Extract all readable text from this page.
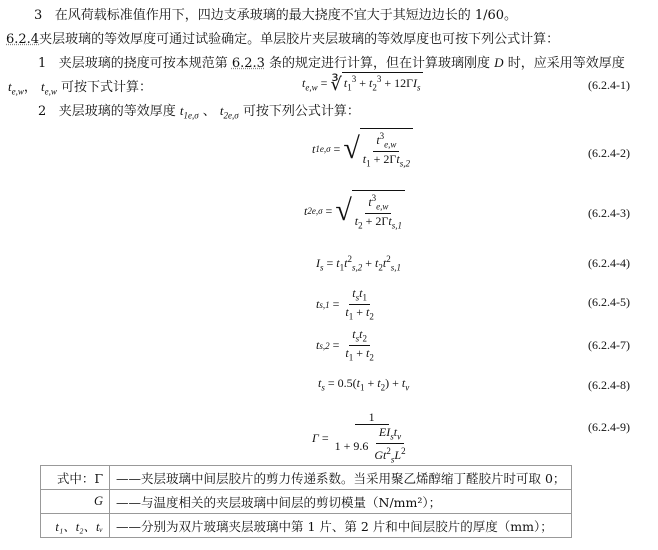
3 在风荷载标准值作用下，四边支承玻璃的最大挠度不宜大于其短边边长的 1/60。
6.2.4夹层玻璃的等效厚度可通过试验确定。单层胶片夹层玻璃的等效厚度也可按下列公式计算：
1 夹层玻璃的挠度可按本规范第 6.2.3 条的规定进行计算，但在计算玻璃刚度 D 时，应采用等效厚度
$t_{e,w}$， $t_{e,w}$ 可按下式计算：	$t_{e,w}$ = ∛ $t_1^3 + t_2^3 + 12\Gamma I_s$	(6.2.4-1)
2 夹层玻璃的等效厚度 $t_{1e,\sigma}$ 、 $t_{2e,\sigma}$ 可按下列公式计算：
t 1e,σ = √ $\frac{t^3_{e,w}}{t_1 + 2\Gamma t_{s,2}}$	(6.2.4-2)
t 2e,σ = √ $\frac{t^3_{e,w}}{t_2 + 2\Gamma t_{s,1}}$	(6.2.4-3)
$I_s = t_1t^2_{s,2} + t_2t^2_{s,1}$	(6.2.4-4)
t $s,1 = \frac{t_st_1}{t_1 + t_2}$	(6.2.4-5)
t $s,2 = \frac{t_st_2}{t_1 + t_2}$	(6.2.4-7)
$t_s = 0.5(t_1 + t_2) + t_v$	(6.2.4-8)
$\Gamma = \frac{1}{1 + 9.6 \frac{EI_st_v}{Gt^2_sL^2}}$	(6.2.4-9)
式中：Γ	——夹层玻璃中间层胶片的剪力传递系数。当采用聚乙烯醇缩丁醛胶片时可取 0；
G	——与温度相关的夹层玻璃中间层的剪切模量（N/mm²）；
t₁、t₂、tᵥ	——分别为双片玻璃夹层玻璃中第 1 片、第 2 片和中间层胶片的厚度（mm）；
